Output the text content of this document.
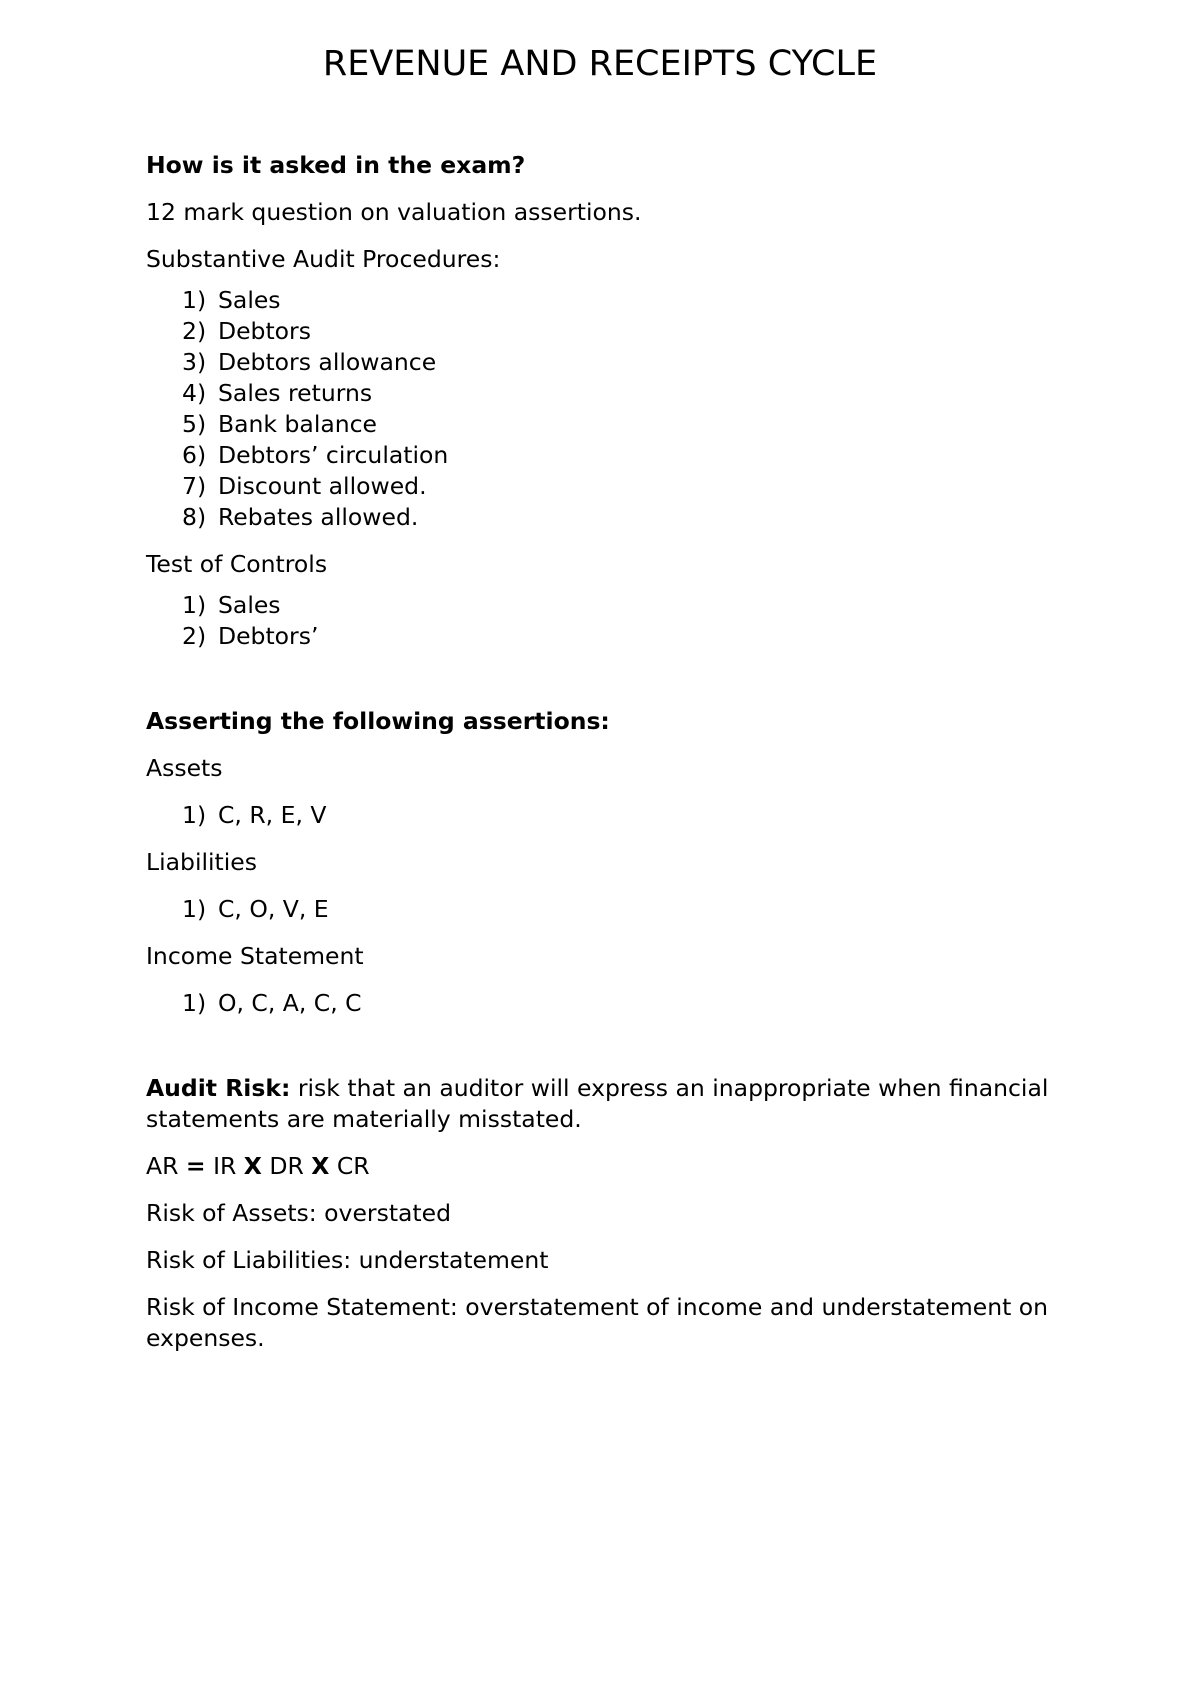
REVENUE AND RECEIPTS CYCLE

How is it asked in the exam?

12 mark question on valuation assertions.

Substantive Audit Procedures:

1) Sales
2) Debtors
3) Debtors allowance
4) Sales returns
5) Bank balance
6) Debtors’ circulation
7) Discount allowed.
8) Rebates allowed.

Test of Controls

1) Sales
2) Debtors’

Asserting the following assertions:

Assets

1) C, R, E, V

Liabilities

1) C, O, V, E

Income Statement

1) O, C, A, C, C

Audit Risk: risk that an auditor will express an inappropriate when financial statements are materially misstated.

AR = IR X DR X CR

Risk of Assets: overstated

Risk of Liabilities: understatement

Risk of Income Statement: overstatement of income and understatement on expenses.
